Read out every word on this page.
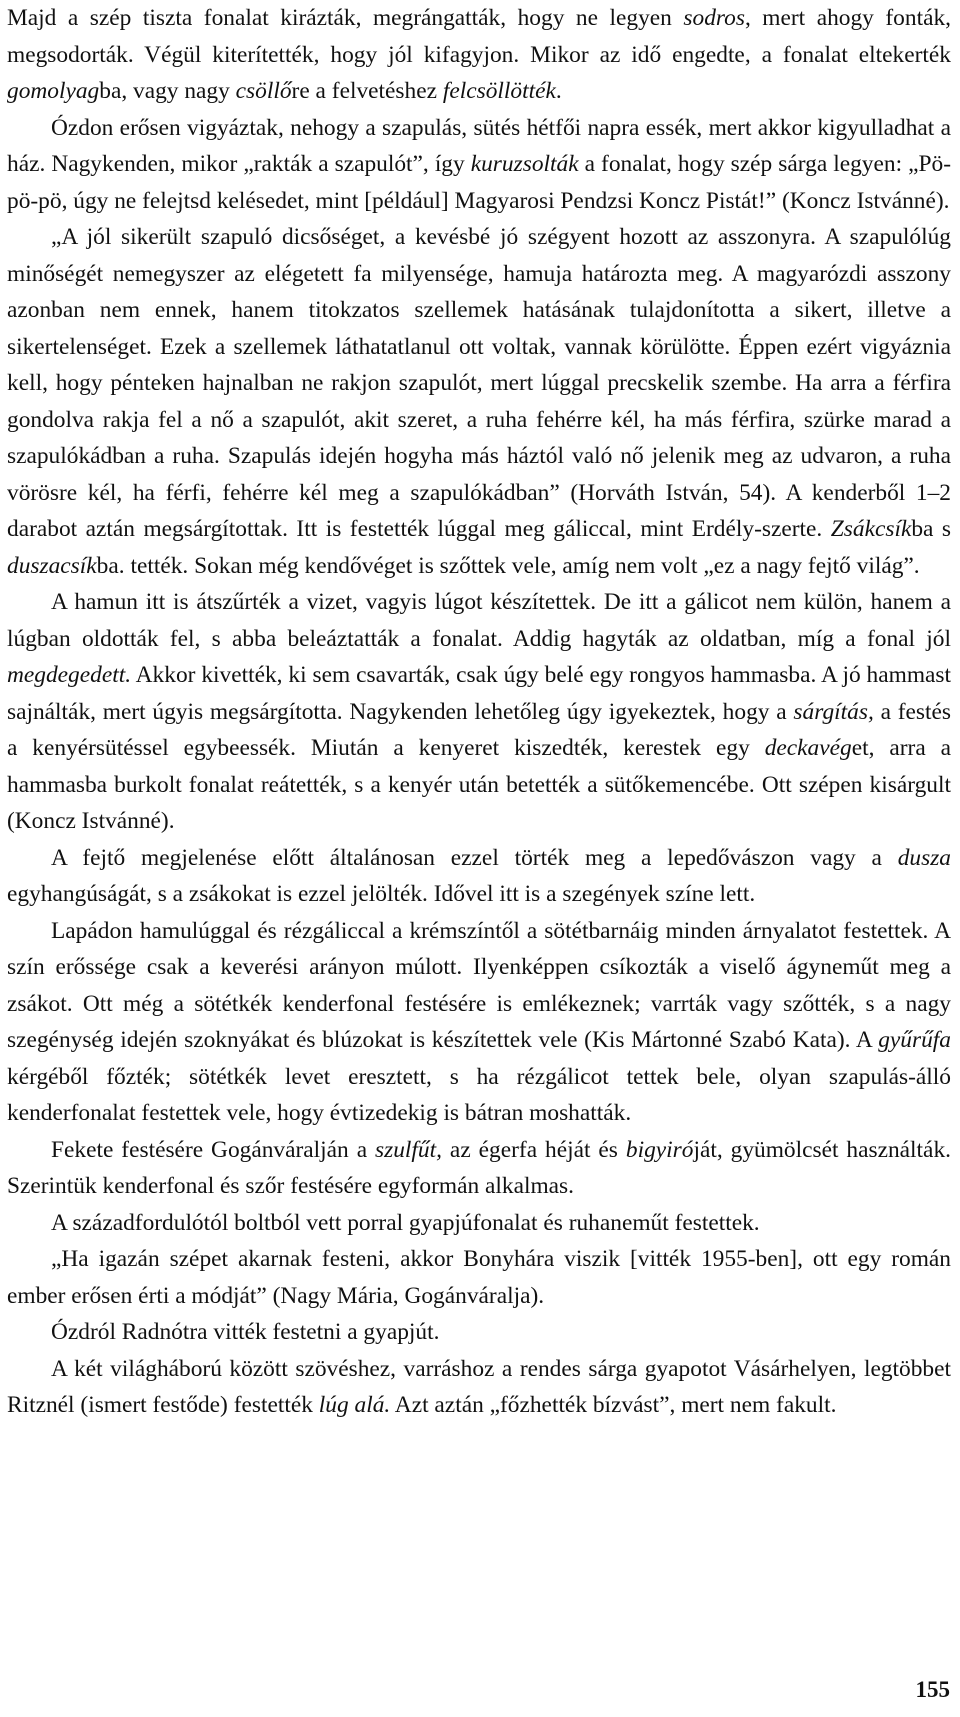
Majd a szép tiszta fonalat kirázták, megrángatták, hogy ne legyen sodros, mert ahogy fonták, megsodorták. Végül kiterítették, hogy jól kifagyjon. Mikor az idő engedte, a fonalat eltekerték gomolyagba, vagy nagy csöllőre a felvetéshez felcsöllötték.

Ózdon erősen vigyáztak, nehogy a szapulás, sütés hétfői napra essék, mert akkor kigyulladhat a ház. Nagykenden, mikor „rakták a szapulót”, így kuruzsolták a fonalat, hogy szép sárga legyen: „Pö-pö-pö, úgy ne felejtsd kelésedet, mint [például] Magyarosi Pendzsi Koncz Pistát!” (Koncz Istvánné).

„A jól sikerült szapuló dicsőséget, a kevésbé jó szégyent hozott az asszonyra. A szapulólúg minőségét nemegyszer az elégetett fa milyensége, hamuja határozta meg. A magyarózdi asszony azonban nem ennek, hanem titokzatos szellemek hatásának tulajdonította a sikert, illetve a sikertelenséget. Ezek a szellemek láthatatlanul ott voltak, vannak körülötte. Éppen ezért vigyáznia kell, hogy pénteken hajnalban ne rakjon szapulót, mert lúggal precskelik szembe. Ha arra a férfira gondolva rakja fel a nő a szapulót, akit szeret, a ruha fehérre kél, ha más férfira, szürke marad a szapulókádban a ruha. Szapulás idején hogyha más háztól való nő jelenik meg az udvaron, a ruha vörösre kél, ha férfi, fehérre kél meg a szapulókádban” (Horváth István, 54). A kenderből 1–2 darabot aztán megsárgítottak. Itt is festették lúggal meg gáliccal, mint Erdély-szerte. Zsákcsíkba s duszacsíkba. tették. Sokan még kendővéget is szőttek vele, amíg nem volt „ez a nagy fejtő világ”.

A hamun itt is átszűrték a vizet, vagyis lúgot készítettek. De itt a gálicot nem külön, hanem a lúgban oldották fel, s abba beleáztatták a fonalat. Addig hagyták az oldatban, míg a fonal jól megdegedett. Akkor kivették, ki sem csavarták, csak úgy belé egy rongyos hammasba. A jó hammast sajnálták, mert úgyis megsárgította. Nagykenden lehetőleg úgy igyekeztek, hogy a sárgítás, a festés a kenyérsütéssel egybeessék. Miután a kenyeret kiszedték, kerestek egy deckavéget, arra a hammasba burkolt fonalat reátették, s a kenyér után betették a sütőkemencébe. Ott szépen kisárgult (Koncz Istvánné).

A fejtő megjelenése előtt általánosan ezzel törték meg a lepedővászon vagy a dusza egyhangúságát, s a zsákokat is ezzel jelölték. Idővel itt is a szegények színe lett.

Lapádon hamulúggal és rézgáliccal a krémszíntől a sötétbarnáig minden árnyalatot festettek. A szín erőssége csak a keverési arányon múlott. Ilyenképpen csíkozták a viselő ágyneműt meg a zsákot. Ott még a sötétkék kenderfonal festésére is emlékeznek; varrták vagy szőtték, s a nagy szegénység idején szoknyákat és blúzokat is készítettek vele (Kis Mártonné Szabó Kata). A gyűrűfa kérgéből főzték; sötétkék levet eresztett, s ha rézgálicot tettek bele, olyan szapulás-álló kenderfonalat festettek vele, hogy évtizedekig is bátran moshatták.

Fekete festésére Gogánváralján a szulfűt, az égerfa héját és bigyiróját, gyümölcsét használták. Szerintük kenderfonal és szőr festésére egyformán alkalmas.

A századfordulótól boltból vett porral gyapjúfonalat és ruhaneműt festettek.

„Ha igazán szépet akarnak festeni, akkor Bonyhára viszik [vitték 1955-ben], ott egy román ember erősen érti a módját” (Nagy Mária, Gogánváralja).

Ózdról Radnótra vitték festetni a gyapjút.

A két világháború között szövéshez, varráshoz a rendes sárga gyapotot Vásárhelyen, legtöbbet Ritznél (ismert festőde) festették lúg alá. Azt aztán „főzhették bízvást”, mert nem fakult.

155
